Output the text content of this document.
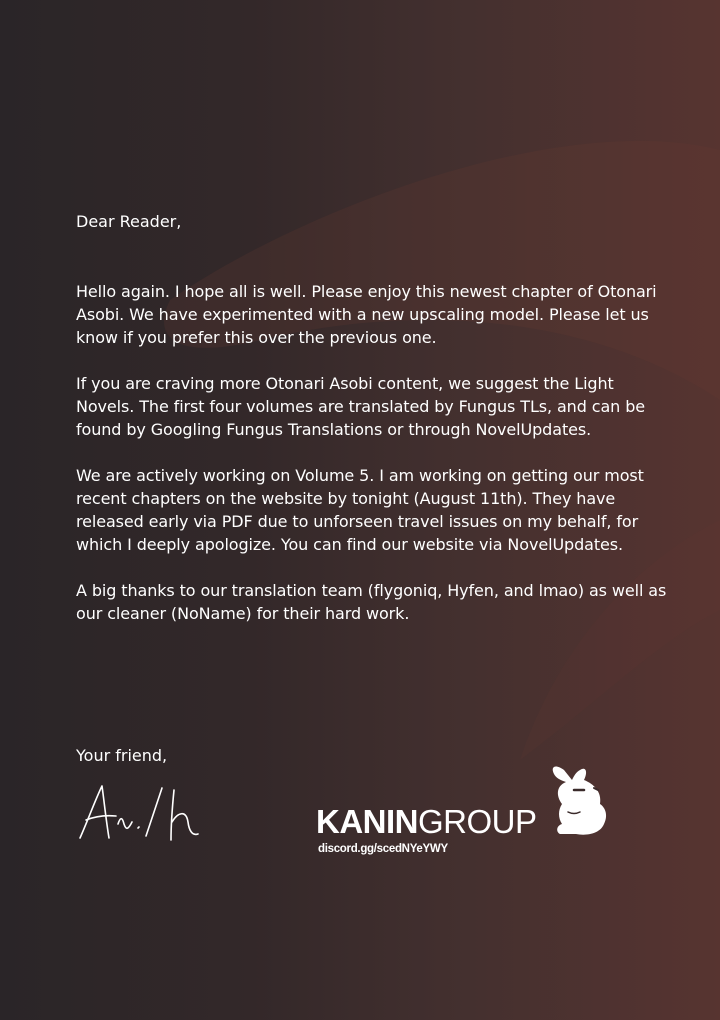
Dear Reader,

Hello again. I hope all is well. Please enjoy this newest chapter of Otonari Asobi. We have experimented with a new upscaling model. Please let us know if you prefer this over the previous one.

If you are craving more Otonari Asobi content, we suggest the Light Novels. The first four volumes are translated by Fungus TLs, and can be found by Googling Fungus Translations or through NovelUpdates.

We are actively working on Volume 5. I am working on getting our most recent chapters on the website by tonight (August 11th). They have released early via PDF due to unforseen travel issues on my behalf, for which I deeply apologize. You can find our website via NovelUpdates.

A big thanks to our translation team (flygoniq, Hyfen, and lmao) as well as our cleaner (NoName) for their hard work.

Your friend,
KANINGROUP
discord.gg/scedNYeYWY
